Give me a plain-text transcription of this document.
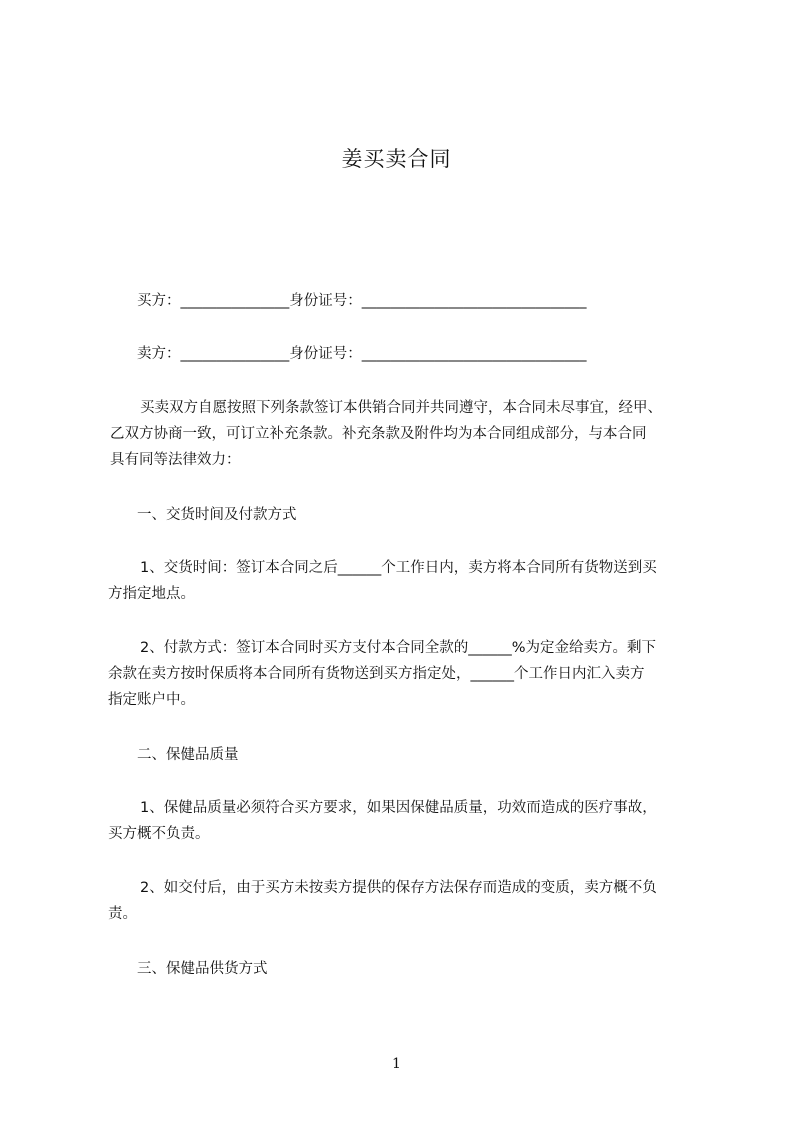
姜买卖合同
买方：_______________身份证号：_______________________________
卖方：_______________身份证号：_______________________________
买卖双方自愿按照下列条款签订本供销合同并共同遵守，本合同未尽事宜，经甲、
乙双方协商一致，可订立补充条款。补充条款及附件均为本合同组成部分，与本合同
具有同等法律效力：
一、交货时间及付款方式
1、交货时间：签订本合同之后______个工作日内，卖方将本合同所有货物送到买
方指定地点。
2、付款方式：签订本合同时买方支付本合同全款的______%为定金给卖方。剩下
余款在卖方按时保质将本合同所有货物送到买方指定处，______个工作日内汇入卖方
指定账户中。
二、保健品质量
1、保健品质量必须符合买方要求，如果因保健品质量，功效而造成的医疗事故，
买方概不负责。
2、如交付后，由于买方未按卖方提供的保存方法保存而造成的变质，卖方概不负
责。
三、保健品供货方式
1
